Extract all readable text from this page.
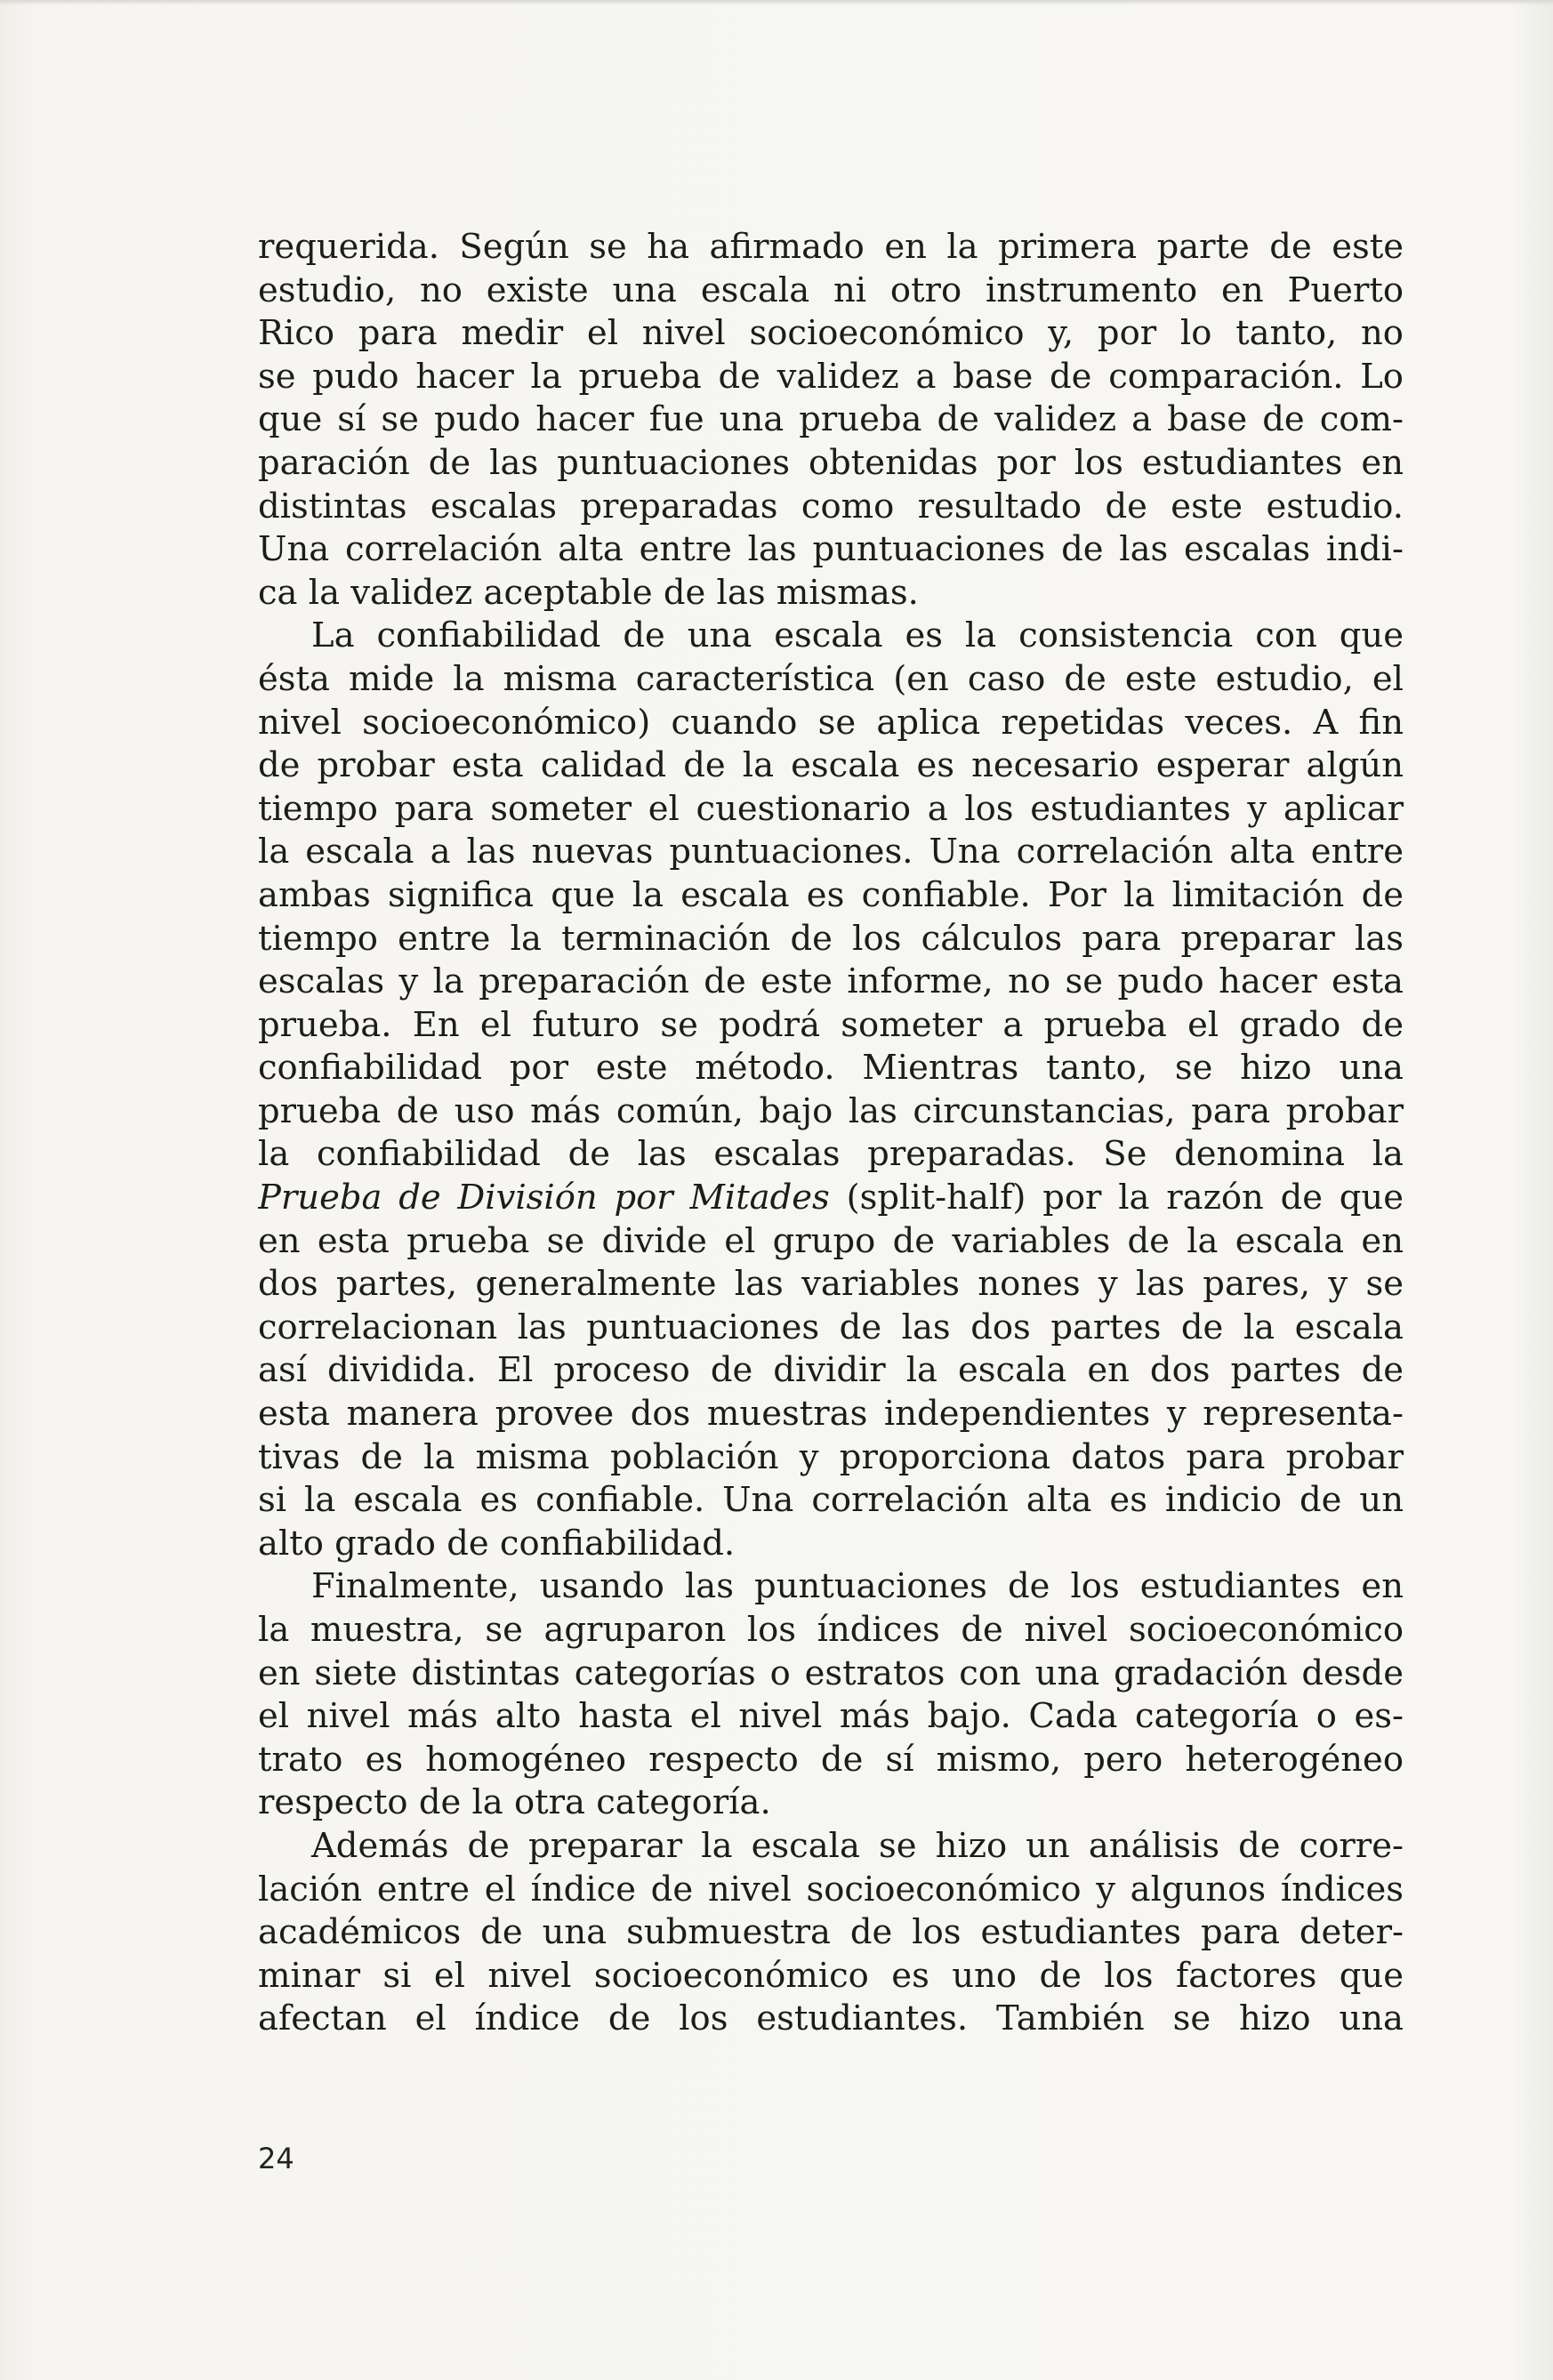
requerida. Según se ha afirmado en la primera parte de este
estudio, no existe una escala ni otro instrumento en Puerto
Rico para medir el nivel socioeconómico y, por lo tanto, no
se pudo hacer la prueba de validez a base de comparación. Lo
que sí se pudo hacer fue una prueba de validez a base de com-
paración de las puntuaciones obtenidas por los estudiantes en
distintas escalas preparadas como resultado de este estudio.
Una correlación alta entre las puntuaciones de las escalas indi-
ca la validez aceptable de las mismas.
La confiabilidad de una escala es la consistencia con que
ésta mide la misma característica (en caso de este estudio, el
nivel socioeconómico) cuando se aplica repetidas veces. A fin
de probar esta calidad de la escala es necesario esperar algún
tiempo para someter el cuestionario a los estudiantes y aplicar
la escala a las nuevas puntuaciones. Una correlación alta entre
ambas significa que la escala es confiable. Por la limitación de
tiempo entre la terminación de los cálculos para preparar las
escalas y la preparación de este informe, no se pudo hacer esta
prueba. En el futuro se podrá someter a prueba el grado de
confiabilidad por este método. Mientras tanto, se hizo una
prueba de uso más común, bajo las circunstancias, para probar
la confiabilidad de las escalas preparadas. Se denomina la
Prueba de División por Mitades (split-half) por la razón de que
en esta prueba se divide el grupo de variables de la escala en
dos partes, generalmente las variables nones y las pares, y se
correlacionan las puntuaciones de las dos partes de la escala
así dividida. El proceso de dividir la escala en dos partes de
esta manera provee dos muestras independientes y representa-
tivas de la misma población y proporciona datos para probar
si la escala es confiable. Una correlación alta es indicio de un
alto grado de confiabilidad.
Finalmente, usando las puntuaciones de los estudiantes en
la muestra, se agruparon los índices de nivel socioeconómico
en siete distintas categorías o estratos con una gradación desde
el nivel más alto hasta el nivel más bajo. Cada categoría o es-
trato es homogéneo respecto de sí mismo, pero heterogéneo
respecto de la otra categoría.
Además de preparar la escala se hizo un análisis de corre-
lación entre el índice de nivel socioeconómico y algunos índices
académicos de una submuestra de los estudiantes para deter-
minar si el nivel socioeconómico es uno de los factores que
afectan el índice de los estudiantes. También se hizo una
24
